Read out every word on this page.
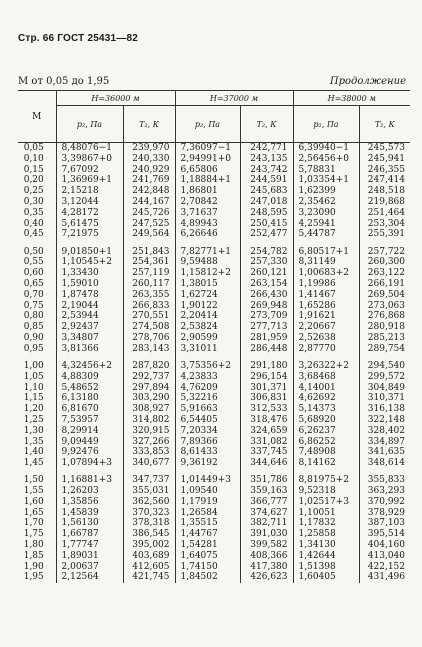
Стр. 66 ГОСТ 25431—82
M от 0,05 до 1,95	Продолжение
M	H=36000 м		H=37000 м		H=38000 м	
	p₂, Па	T₂, К	p₂, Па	T₂, К	p₂, Па	T₂, К
0,05	8,48076−1	239,970	7,36097−1	242,771	6,39940−1	245,573
0,10	3,39867+0	240,330	2,94991+0	243,135	2,56456+0	245,941
0,15	7,67092	240,929	6,65806	243,742	5,78831	246,355
0,20	1,36969+1	241,769	1,18884+1	244,591	1,03354+1	247,414
0,25	2,15218	242,848	1,86801	245,683	1,62399	248,518
0,30	3,12044	244,167	2,70842	247,018	2,35462	219,868
0,35	4,28172	245,726	3,71637	248,595	3,23090	251,464
0,40	5,61475	247,525	4,89943	250,415	4,25941	253,304
0,45	7,21975	249,564	6,26646	252,477	5,44787	255,391

0,50	9,01850+1	251,843	7,82771+1	254,782	6,80517+1	257,722
0,55	1,10545+2	254,361	9,59488	257,330	8,31149	260,300
0,60	1,33430	257,119	1,15812+2	260,121	1,00683+2	263,122
0,65	1,59010	260,117	1,38015	263,154	1,19986	266,191
0,70	1,87478	263,355	1,62724	266,430	1,41467	269,504
0,75	2,19044	266,833	1,90122	269,948	1,65286	273,063
0,80	2,53944	270,551	2,20414	273,709	1,91621	276,868
0,85	2,92437	274,508	2,53824	277,713	2,20667	280,918
0,90	3,34807	278,706	2,90599	281,959	2,52638	285,213
0,95	3,81366	283,143	3,31011	286,448	2,87770	289,754

1,00	4,32456+2	287,820	3,75356+2	291,180	3,26322+2	294,540
1,05	4,88309	292,737	4,23833	296,154	3,68468	299,572
1,10	5,48652	297,894	4,76209	301,371	4,14001	304,849
1,15	6,13180	303,290	5,32216	306,831	4,62692	310,371
1,20	6,81670	308,927	5,91663	312,533	5,14373	316,138
1,25	7,53957	314,802	6,54405	318,476	5,68920	322,148
1,30	8,29914	320,915	7,20334	324,659	6,26237	328,402
1,35	9,09449	327,266	7,89366	331,082	6,86252	334,897
1,40	9,92476	333,853	8,61433	337,745	7,48908	341,635
1,45	1,07894+3	340,677	9,36192	344,646	8,14162	348,614

1,50	1,16881+3	347,737	1,01449+3	351,786	8,81975+2	355,833
1,55	1,26203	355,031	1,09540	359,163	9,52318	363,293
1,60	1,35856	362,560	1,17919	366,777	1,02517+3	370,992
1,65	1,45839	370,323	1,26584	374,627	1,10051	378,929
1,70	1,56130	378,318	1,35515	382,711	1,17832	387,103
1,75	1,66787	386,545	1,44767	391,030	1,25858	395,514
1,80	1,77747	395,002	1,54281	399,582	1,34130	404,160
1,85	1,89031	403,689	1,64075	408,366	1,42644	413,040
1,90	2,00637	412,605	1,74150	417,380	1,51398	422,152
1,95	2,12564	421,745	1,84502	426,623	1,60405	431,496
